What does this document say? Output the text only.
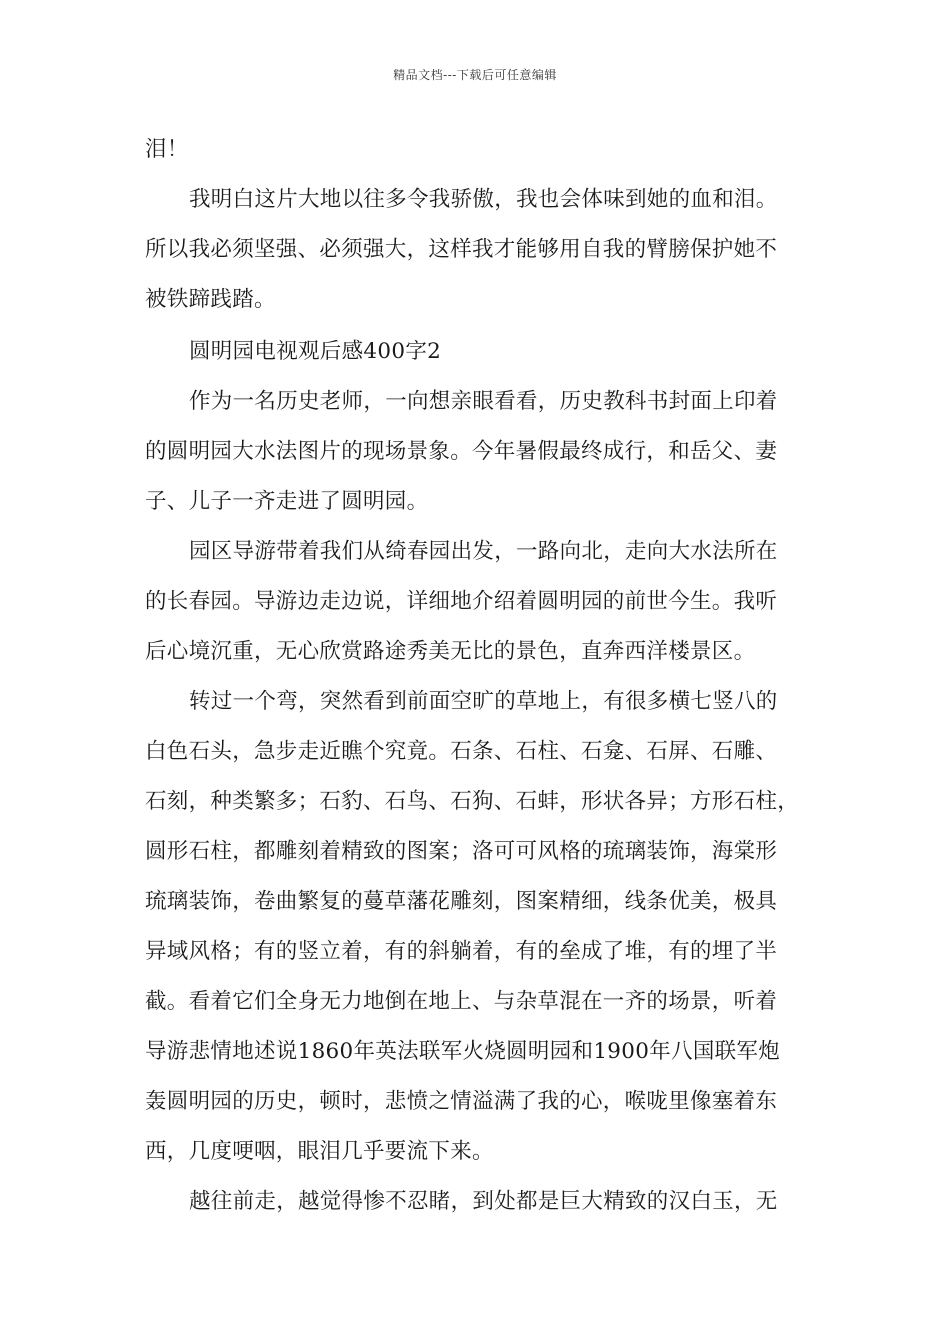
精品文档---下载后可任意编辑
泪！
我明白这片大地以往多令我骄傲，我也会体味到她的血和泪。
所以我必须坚强、必须强大，这样我才能够用自我的臂膀保护她不
被铁蹄践踏。
圆明园电视观后感400字2
作为一名历史老师，一向想亲眼看看，历史教科书封面上印着
的圆明园大水法图片的现场景象。今年暑假最终成行，和岳父、妻
子、儿子一齐走进了圆明园。
园区导游带着我们从绮春园出发，一路向北，走向大水法所在
的长春园。导游边走边说，详细地介绍着圆明园的前世今生。我听
后心境沉重，无心欣赏路途秀美无比的景色，直奔西洋楼景区。
转过一个弯，突然看到前面空旷的草地上，有很多横七竖八的
白色石头，急步走近瞧个究竟。石条、石柱、石龛、石屏、石雕、
石刻，种类繁多；石豹、石鸟、石狗、石蚌，形状各异；方形石柱，
圆形石柱，都雕刻着精致的图案；洛可可风格的琉璃装饰，海棠形
琉璃装饰，卷曲繁复的蔓草藩花雕刻，图案精细，线条优美，极具
异域风格；有的竖立着，有的斜躺着，有的垒成了堆，有的埋了半
截。看着它们全身无力地倒在地上、与杂草混在一齐的场景，听着
导游悲情地述说1860年英法联军火烧圆明园和1900年八国联军炮
轰圆明园的历史，顿时，悲愤之情溢满了我的心，喉咙里像塞着东
西，几度哽咽，眼泪几乎要流下来。
越往前走，越觉得惨不忍睹，到处都是巨大精致的汉白玉，无
